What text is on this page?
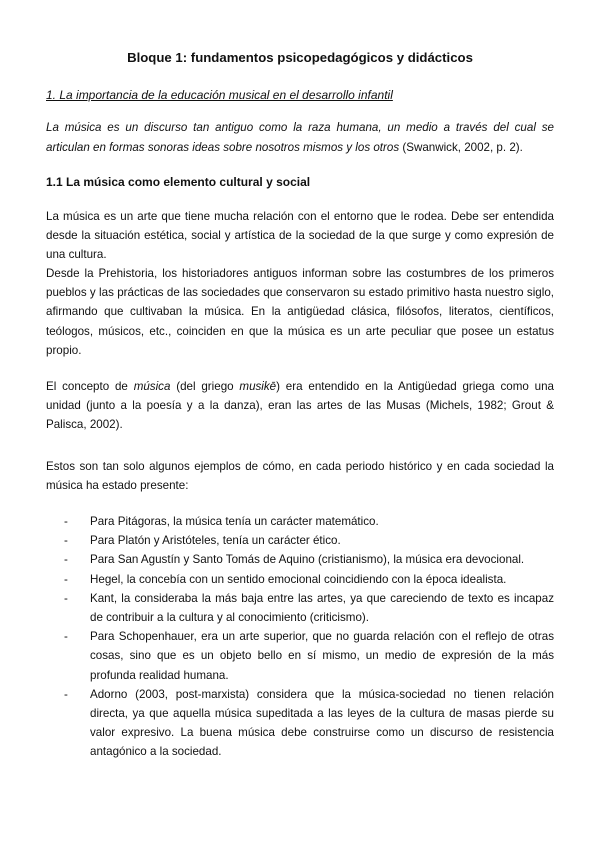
Bloque 1: fundamentos psicopedagógicos y didácticos
1. La importancia de la educación musical en el desarrollo infantil
La música es un discurso tan antiguo como la raza humana, un medio a través del cual se articulan en formas sonoras ideas sobre nosotros mismos y los otros (Swanwick, 2002, p. 2).
1.1 La música como elemento cultural y social
La música es un arte que tiene mucha relación con el entorno que le rodea. Debe ser entendida desde la situación estética, social y artística de la sociedad de la que surge y como expresión de una cultura.
Desde la Prehistoria, los historiadores antiguos informan sobre las costumbres de los primeros pueblos y las prácticas de las sociedades que conservaron su estado primitivo hasta nuestro siglo, afirmando que cultivaban la música. En la antigüedad clásica, filósofos, literatos, científicos, teólogos, músicos, etc., coinciden en que la música es un arte peculiar que posee un estatus propio.
El concepto de música (del griego musikē) era entendido en la Antigüedad griega como una unidad (junto a la poesía y a la danza), eran las artes de las Musas (Michels, 1982; Grout & Palisca, 2002).
Estos son tan solo algunos ejemplos de cómo, en cada periodo histórico y en cada sociedad la música ha estado presente:
- Para Pitágoras, la música tenía un carácter matemático.
- Para Platón y Aristóteles, tenía un carácter ético.
- Para San Agustín y Santo Tomás de Aquino (cristianismo), la música era devocional.
- Hegel, la concebía con un sentido emocional coincidiendo con la época idealista.
- Kant, la consideraba la más baja entre las artes, ya que careciendo de texto es incapaz de contribuir a la cultura y al conocimiento (criticismo).
- Para Schopenhauer, era un arte superior, que no guarda relación con el reflejo de otras cosas, sino que es un objeto bello en sí mismo, un medio de expresión de la más profunda realidad humana.
- Adorno (2003, post-marxista) considera que la música-sociedad no tienen relación directa, ya que aquella música supeditada a las leyes de la cultura de masas pierde su valor expresivo. La buena música debe construirse como un discurso de resistencia antagónico a la sociedad.
